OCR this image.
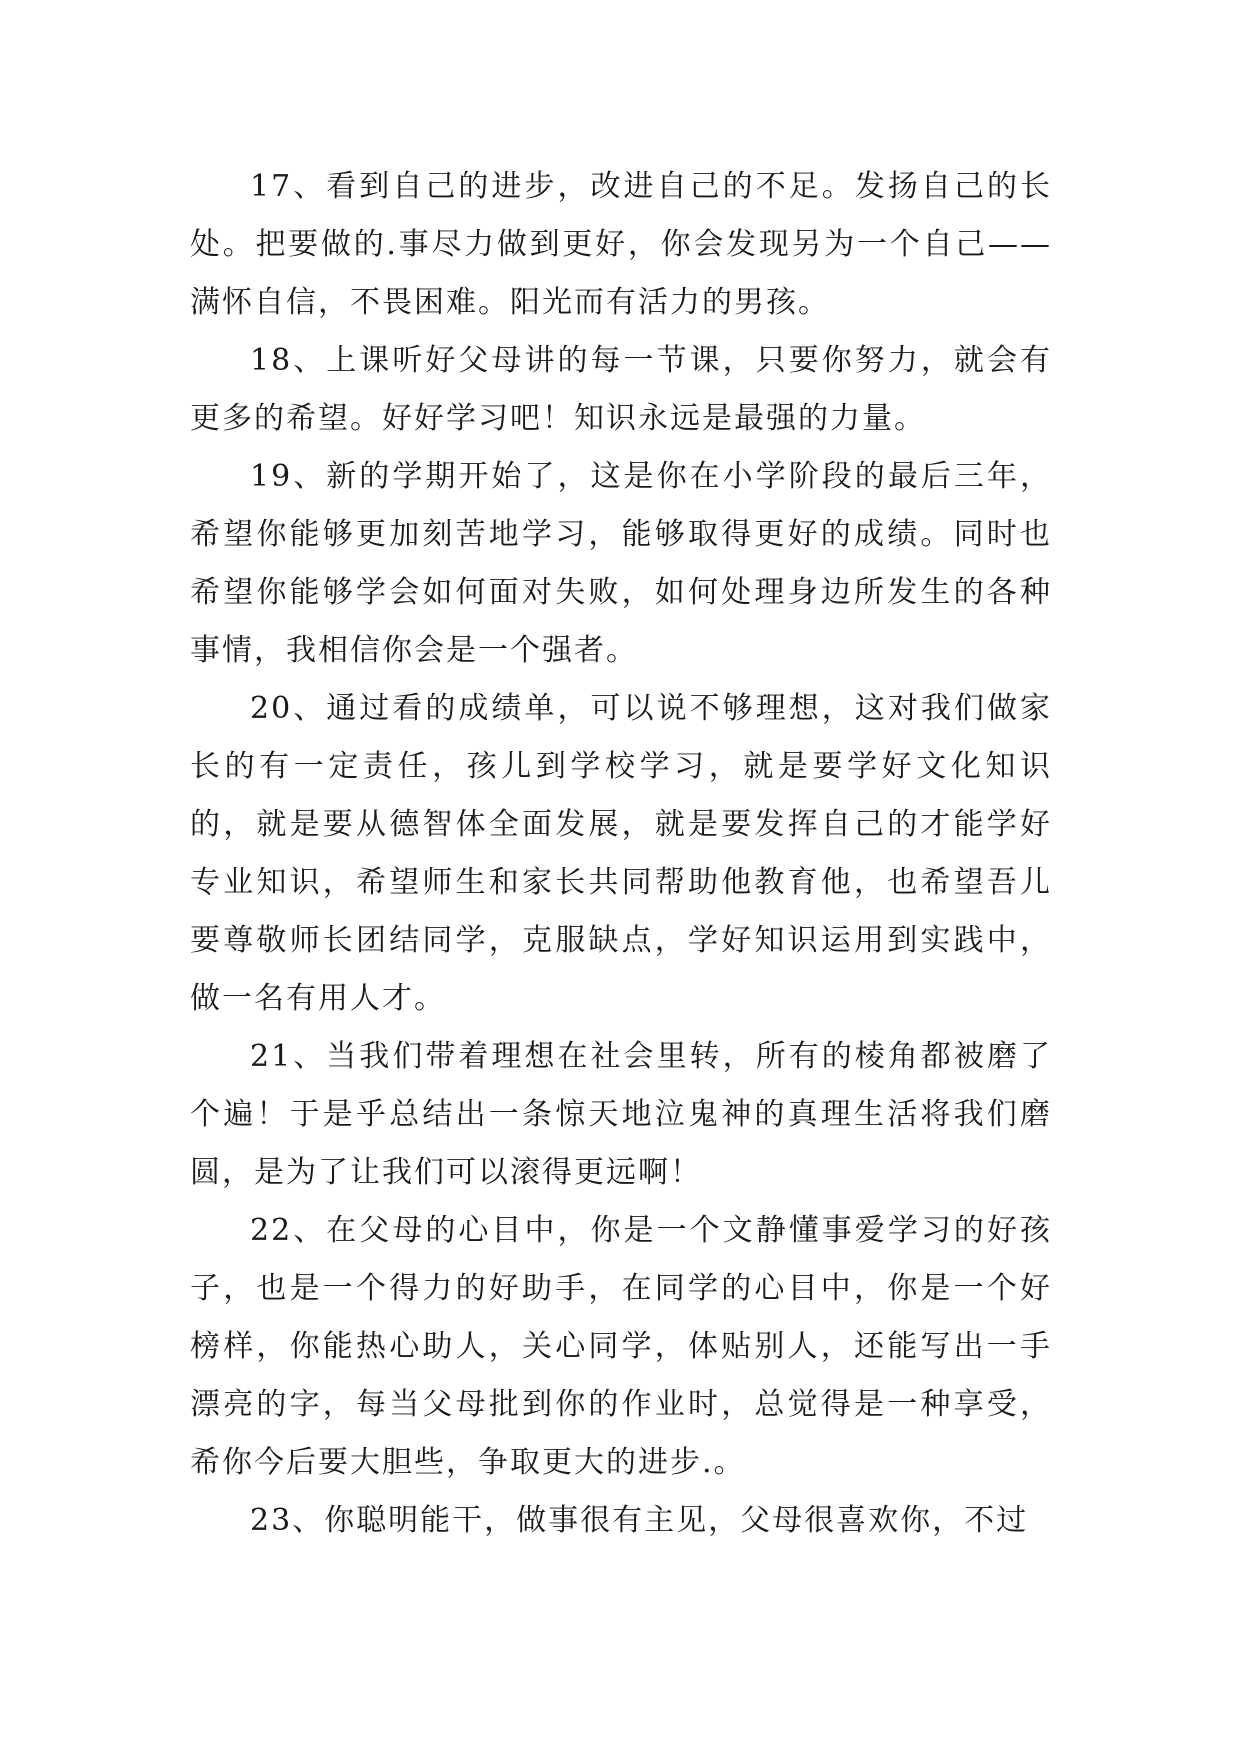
17、看到自己的进步，改进自己的不足。发扬自己的长处。把要做的.事尽力做到更好，你会发现另为一个自己——满怀自信，不畏困难。阳光而有活力的男孩。

18、上课听好父母讲的每一节课，只要你努力，就会有更多的希望。好好学习吧！知识永远是最强的力量。

19、新的学期开始了，这是你在小学阶段的最后三年，希望你能够更加刻苦地学习，能够取得更好的成绩。同时也希望你能够学会如何面对失败，如何处理身边所发生的各种事情，我相信你会是一个强者。

20、通过看的成绩单，可以说不够理想，这对我们做家长的有一定责任，孩儿到学校学习，就是要学好文化知识的，就是要从德智体全面发展，就是要发挥自己的才能学好专业知识，希望师生和家长共同帮助他教育他，也希望吾儿要尊敬师长团结同学，克服缺点，学好知识运用到实践中，做一名有用人才。

21、当我们带着理想在社会里转，所有的棱角都被磨了个遍！于是乎总结出一条惊天地泣鬼神的真理生活将我们磨圆，是为了让我们可以滚得更远啊！

22、在父母的心目中，你是一个文静懂事爱学习的好孩子，也是一个得力的好助手，在同学的心目中，你是一个好榜样，你能热心助人，关心同学，体贴别人，还能写出一手漂亮的字，每当父母批到你的作业时，总觉得是一种享受，希你今后要大胆些，争取更大的进步.。

23、你聪明能干，做事很有主见，父母很喜欢你，不过
